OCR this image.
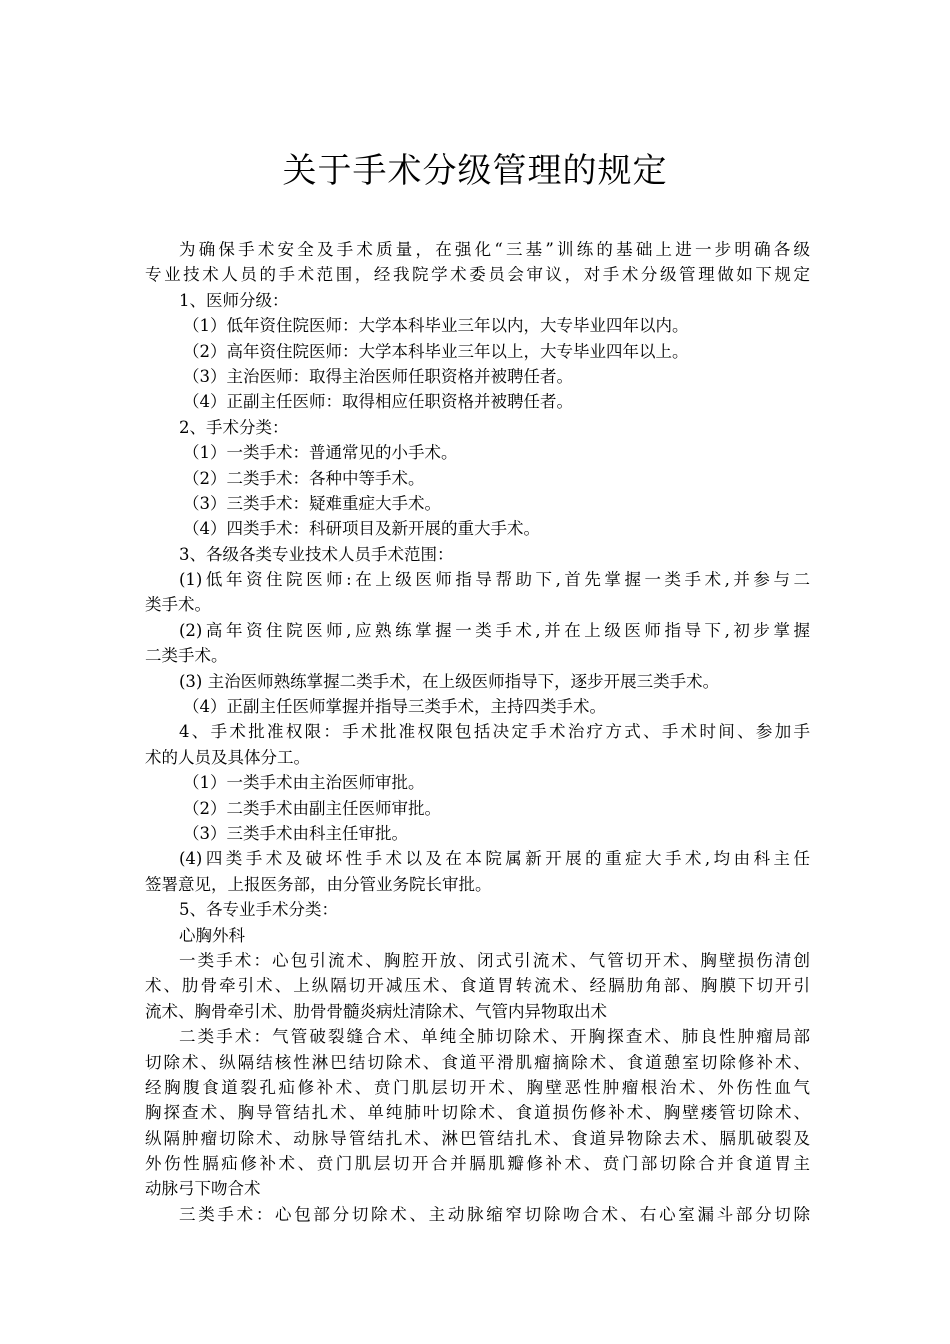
关于手术分级管理的规定
为确保手术安全及手术质量，在强化“三基”训练的基础上进一步明确各级
专业技术人员的手术范围，经我院学术委员会审议，对手术分级管理做如下规定
1、医师分级：
（1）低年资住院医师：大学本科毕业三年以内，大专毕业四年以内。
（2）高年资住院医师：大学本科毕业三年以上，大专毕业四年以上。
（3）主治医师：取得主治医师任职资格并被聘任者。
（4）正副主任医师：取得相应任职资格并被聘任者。
2、手术分类：
（1）一类手术：普通常见的小手术。
（2）二类手术：各种中等手术。
（3）三类手术：疑难重症大手术。
（4）四类手术：科研项目及新开展的重大手术。
3、各级各类专业技术人员手术范围：
(1)低年资住院医师:在上级医师指导帮助下,首先掌握一类手术,并参与二
类手术。
(2)高年资住院医师,应熟练掌握一类手术,并在上级医师指导下,初步掌握
二类手术。
(3) 主治医师熟练掌握二类手术，在上级医师指导下，逐步开展三类手术。
（4）正副主任医师掌握并指导三类手术，主持四类手术。
4、手术批准权限：手术批准权限包括决定手术治疗方式、手术时间、参加手
术的人员及具体分工。
（1）一类手术由主治医师审批。
（2）二类手术由副主任医师审批。
（3）三类手术由科主任审批。
(4)四类手术及破坏性手术以及在本院属新开展的重症大手术,均由科主任
签署意见，上报医务部，由分管业务院长审批。
5、各专业手术分类：
心胸外科
一类手术：心包引流术、胸腔开放、闭式引流术、气管切开术、胸壁损伤清创
术、肋骨牵引术、上纵隔切开减压术、食道胃转流术、经膈肋角部、胸膜下切开引
流术、胸骨牵引术、肋骨骨髓炎病灶清除术、气管内异物取出术
二类手术：气管破裂缝合术、单纯全肺切除术、开胸探查术、肺良性肿瘤局部
切除术、纵隔结核性淋巴结切除术、食道平滑肌瘤摘除术、食道憩室切除修补术、
经胸腹食道裂孔疝修补术、贲门肌层切开术、胸壁恶性肿瘤根治术、外伤性血气
胸探查术、胸导管结扎术、单纯肺叶切除术、食道损伤修补术、胸壁瘘管切除术、
纵隔肿瘤切除术、动脉导管结扎术、淋巴管结扎术、食道异物除去术、膈肌破裂及
外伤性膈疝修补术、贲门肌层切开合并膈肌瓣修补术、贲门部切除合并食道胃主
动脉弓下吻合术
三类手术：心包部分切除术、主动脉缩窄切除吻合术、右心室漏斗部分切除
